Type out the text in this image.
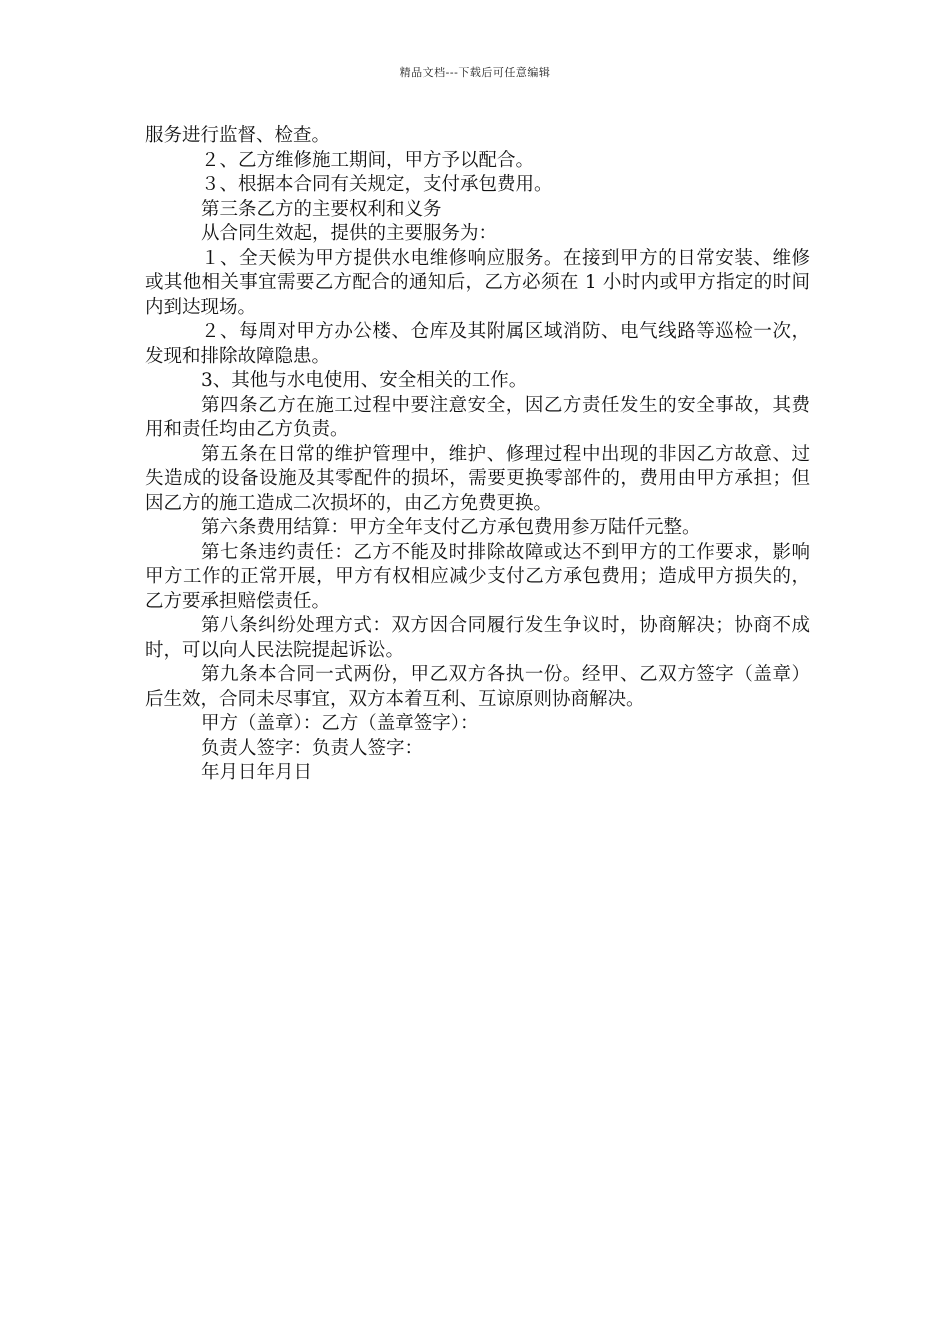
精品文档---下载后可任意编辑

服务进行监督、检查。

２、乙方维修施工期间，甲方予以配合。

３、根据本合同有关规定，支付承包费用。

第三条乙方的主要权利和义务

从合同生效起，提供的主要服务为：

１、全天候为甲方提供水电维修响应服务。在接到甲方的日常安装、维修或其他相关事宜需要乙方配合的通知后，乙方必须在 1 小时内或甲方指定的时间内到达现场。

２、每周对甲方办公楼、仓库及其附属区域消防、电气线路等巡检一次，发现和排除故障隐患。

3、其他与水电使用、安全相关的工作。

第四条乙方在施工过程中要注意安全，因乙方责任发生的安全事故，其费用和责任均由乙方负责。

第五条在日常的维护管理中，维护、修理过程中出现的非因乙方故意、过失造成的设备设施及其零配件的损坏，需要更换零部件的，费用由甲方承担；但因乙方的施工造成二次损坏的，由乙方免费更换。

第六条费用结算：甲方全年支付乙方承包费用参万陆仟元整。

第七条违约责任：乙方不能及时排除故障或达不到甲方的工作要求，影响甲方工作的正常开展，甲方有权相应减少支付乙方承包费用；造成甲方损失的，乙方要承担赔偿责任。

第八条纠纷处理方式：双方因合同履行发生争议时，协商解决；协商不成时，可以向人民法院提起诉讼。

第九条本合同一式两份，甲乙双方各执一份。经甲、乙双方签字（盖章）后生效，合同未尽事宜，双方本着互利、互谅原则协商解决。

甲方（盖章）：乙方（盖章签字）：

负责人签字：负责人签字：

年月日年月日
